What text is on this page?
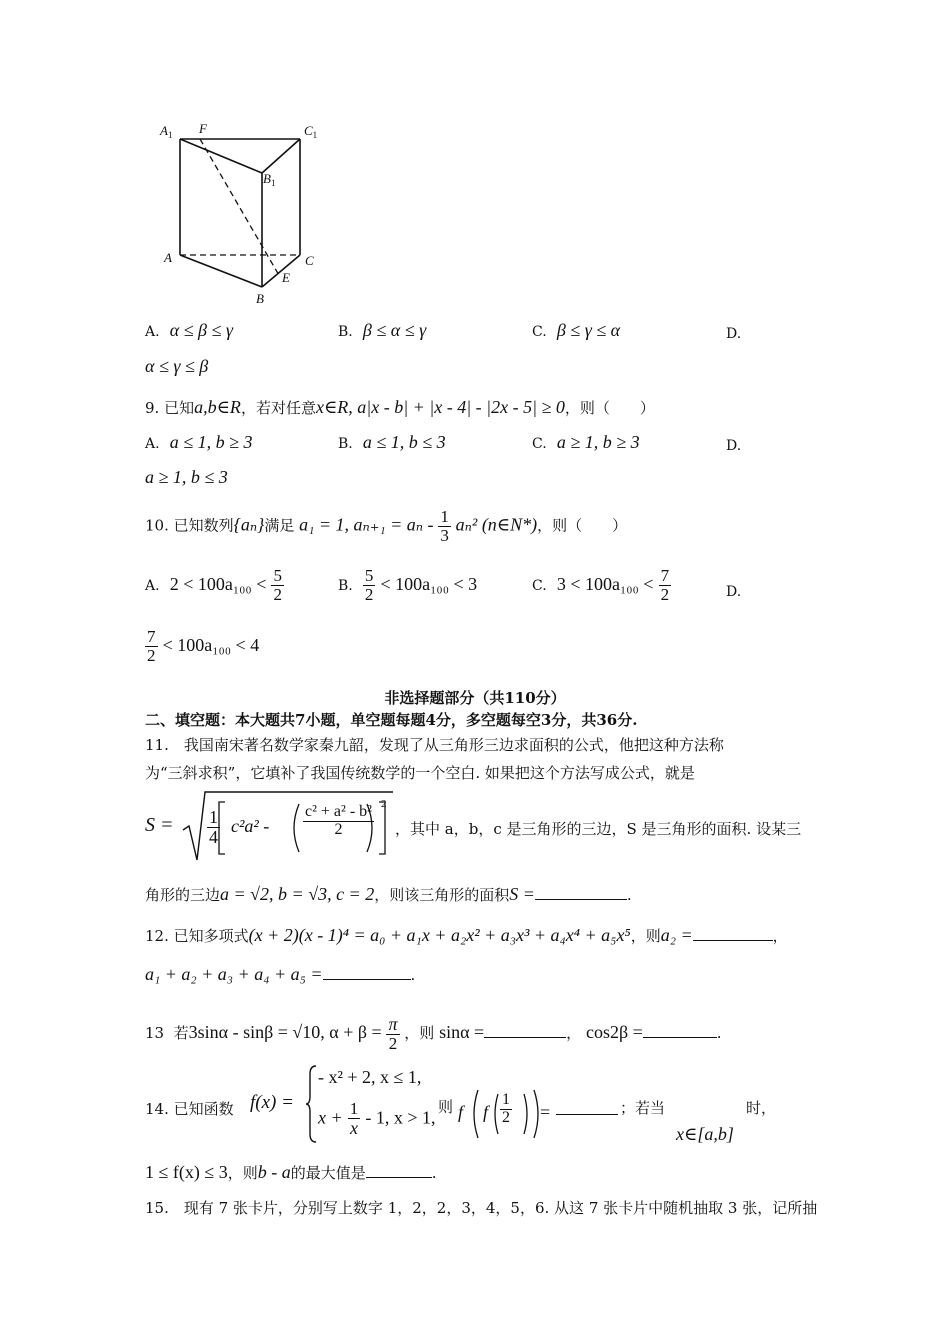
$A_1$ F	$C_1$
$B_1$
A	C
E
B
A. α ≤ β ≤ γ	B. β ≤ α ≤ γ	C. β ≤ γ ≤ α	D.
α ≤ γ ≤ β
9. 已知a,b∈R，若对任意x∈R, a|x - b| + |x - 4| - |2x - 5| ≥ 0，则（　　）
A. a ≤ 1, b ≥ 3	B. a ≤ 1, b ≤ 3	C. a ≥ 1, b ≥ 3	D.
a ≥ 1, b ≤ 3
10. 已知数列{aₙ}满足 a₁ = 1, $a_{n+1} = a_n - \frac{1}{3} a_n^2$ (n∈N*)，则（　　）
A. $2 < 100a_{100} < \frac{5}{2}$	B. $\frac{5}{2} < 100a_{100} < 3$	C. $3 < 100a_{100} < \frac{7}{2}$	D.
$\frac{7}{2} < 100a_{100} < 4$
非选择题部分（共110分）
二、填空题：本大题共7小题，单空题每题4分，多空题每空3分，共36分.
11.　我国南宋著名数学家秦九韶，发现了从三角形三边求面积的公式，他把这种方法称
为“三斜求积”，它填补了我国传统数学的一个空白. 如果把这个方法写成公式，就是
$S = \frac{1}{4} c^2a^2 - \frac{\text{c² + a² - b²}}{2} 2$
，其中 a，b，c 是三角形的三边，S 是三角形的面积. 设某三
角形的三边a = √2, b = √3, c = 2，则该三角形的面积S =	.
12. 已知多项式(x + 2)(x - 1)⁴ = a₀ + a₁x + a₂x² + a₃x³ + a₄x⁴ + a₅x⁵，则a₂ =	，
a₁ + a₂ + a₃ + a₄ + a₅ =	.
13 若3sinα - sinβ = √10, $\alpha + \beta = \frac{\pi}{2}$ ，则 sinα =	， cos2β =	.
14. 已知函数 f(x) =
- x² + 2, x ≤ 1,
$x + \frac{1}{x} - 1$, x > 1,
则 f f $\frac{1}{2}$ =	；若当	时，
x∈[a,b]
1 ≤ f(x) ≤ 3，则b - a的最大值是	.
15.　现有 7 张卡片，分别写上数字 1，2，2，3，4，5，6. 从这 7 张卡片中随机抽取 3 张，记所抽
